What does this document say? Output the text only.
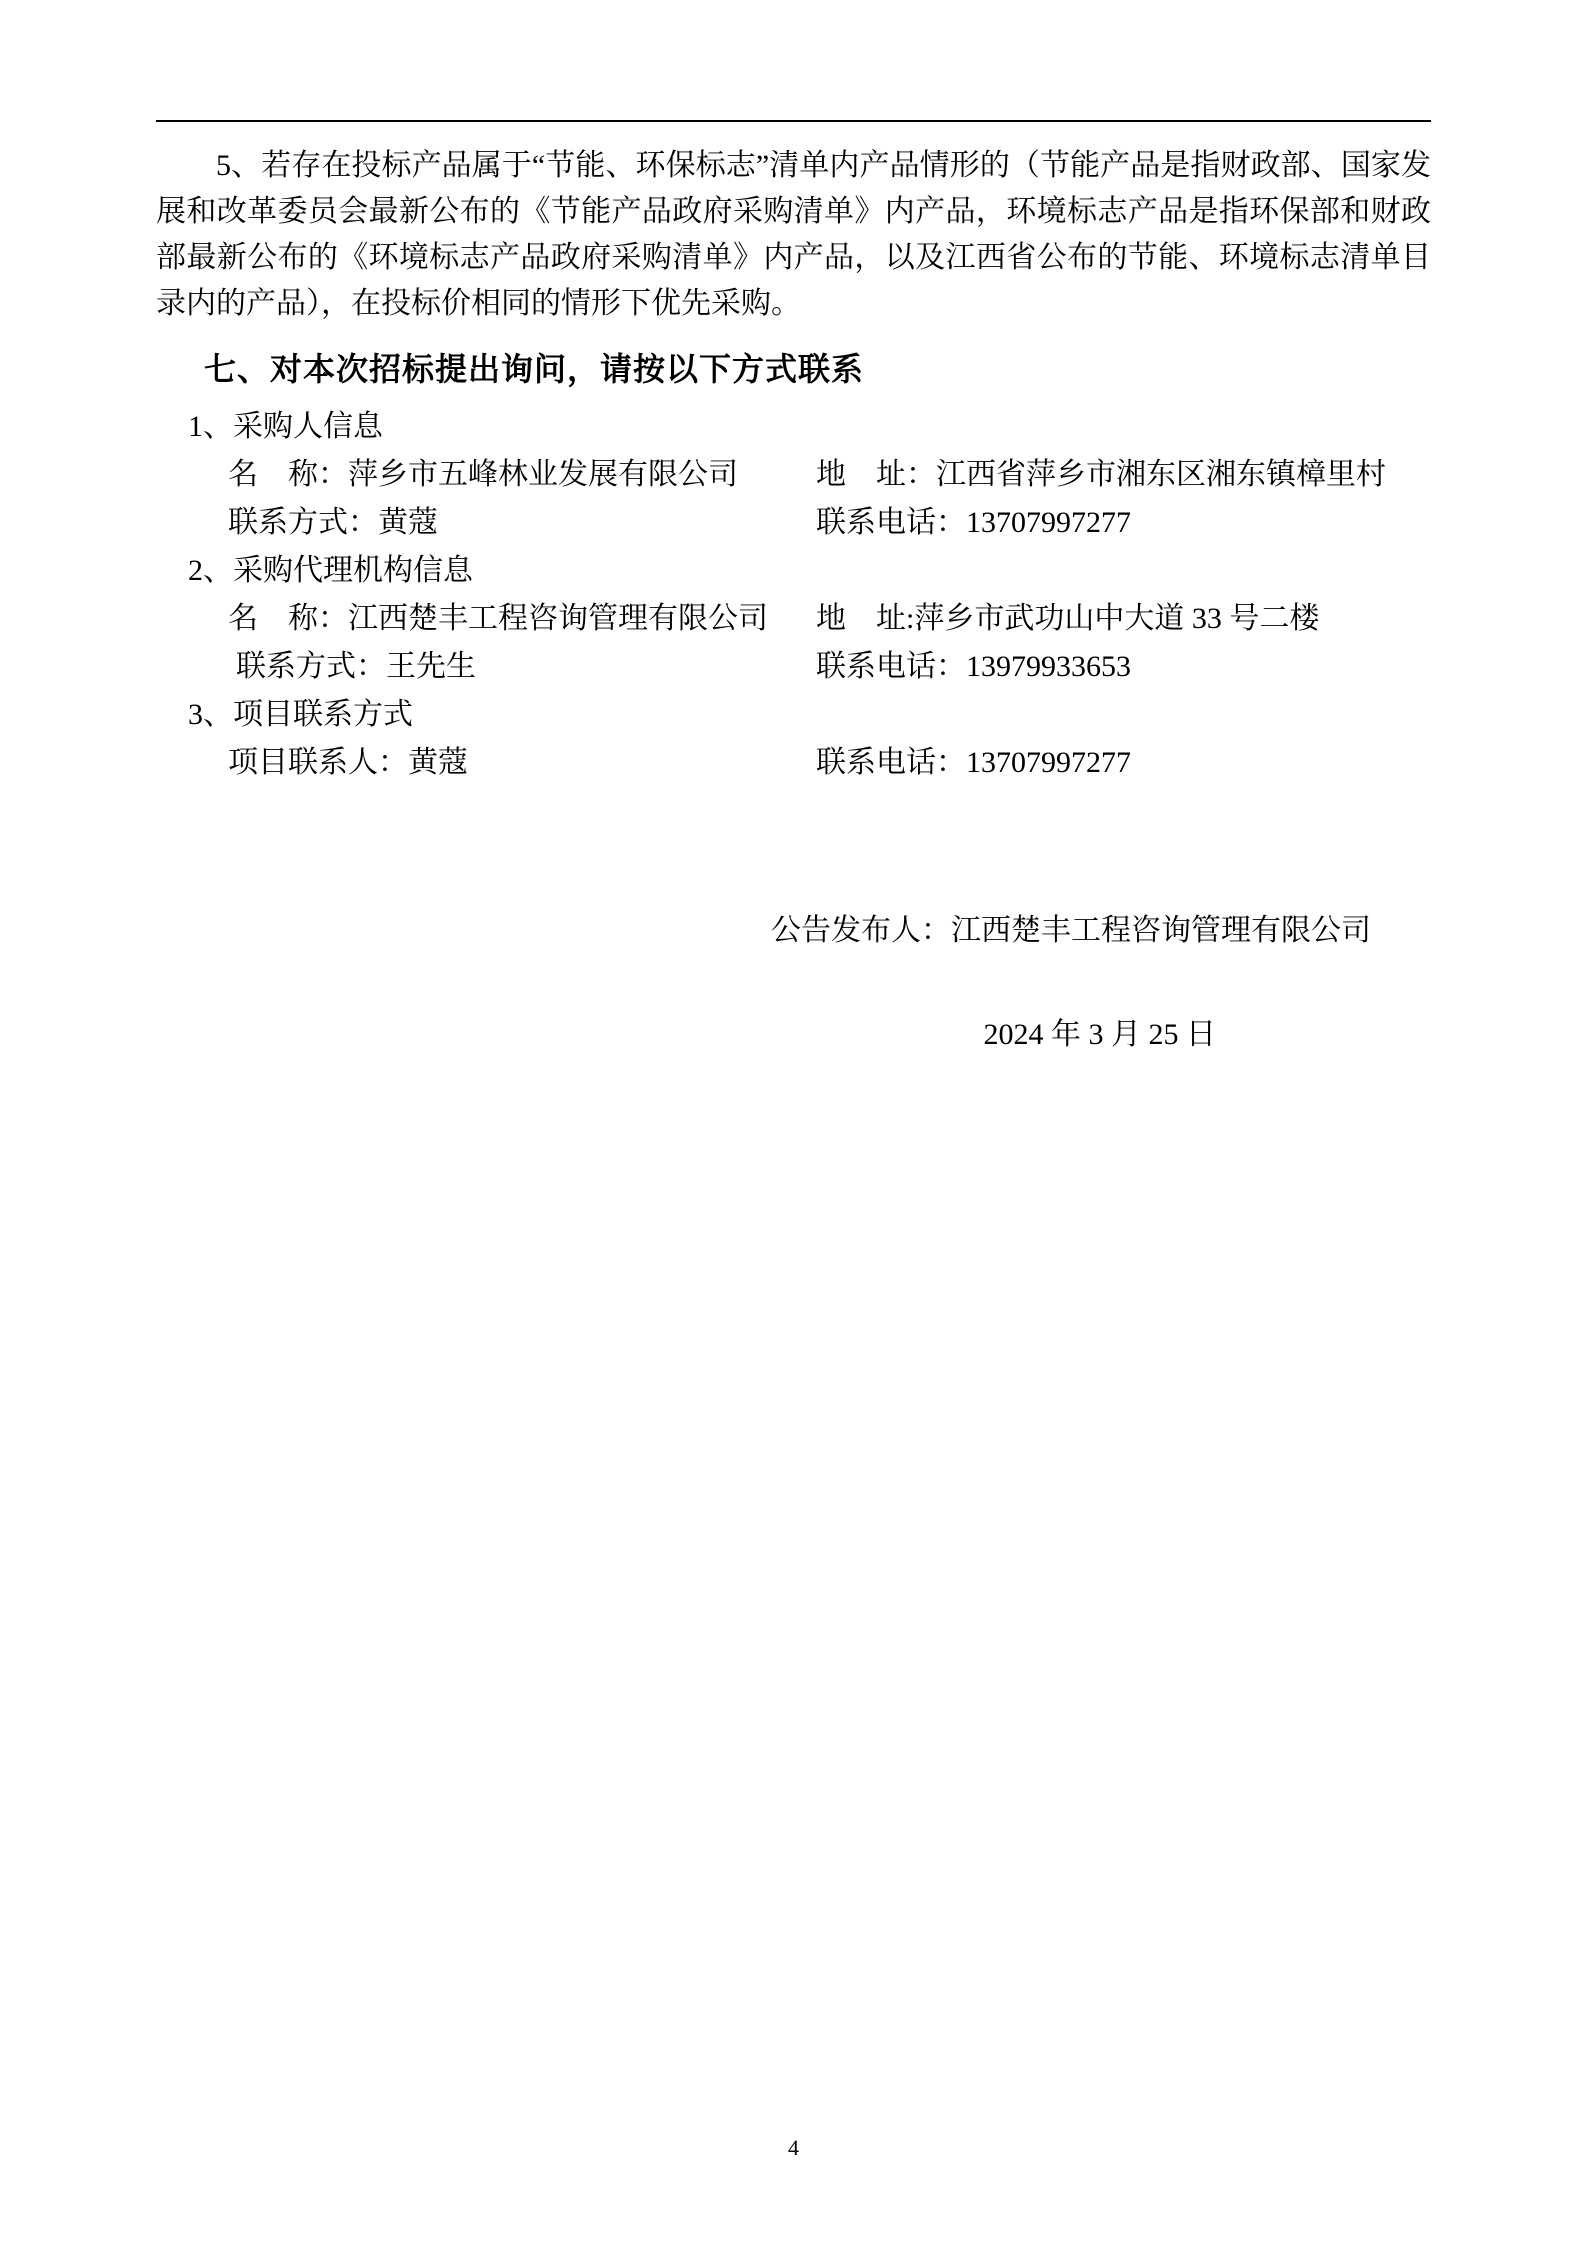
5、若存在投标产品属于“节能、环保标志”清单内产品情形的（节能产品是指财政部、国家发展和改革委员会最新公布的《节能产品政府采购清单》内产品，环境标志产品是指环保部和财政部最新公布的《环境标志产品政府采购清单》内产品，以及江西省公布的节能、环境标志清单目录内的产品），在投标价相同的情形下优先采购。

七、对本次招标提出询问，请按以下方式联系

1、采购人信息

名　称：萍乡市五峰林业发展有限公司	地　址：江西省萍乡市湘东区湘东镇樟里村
联系方式：黄蔻	联系电话：13707997277

2、采购代理机构信息

名　称：江西楚丰工程咨询管理有限公司 地　址:萍乡市武功山中大道 33 号二楼
联系方式：王先生	联系电话：13979933653

3、项目联系方式

项目联系人：黄蔻	联系电话：13707997277

公告发布人：江西楚丰工程咨询管理有限公司

2024 年 3 月 25 日

4
